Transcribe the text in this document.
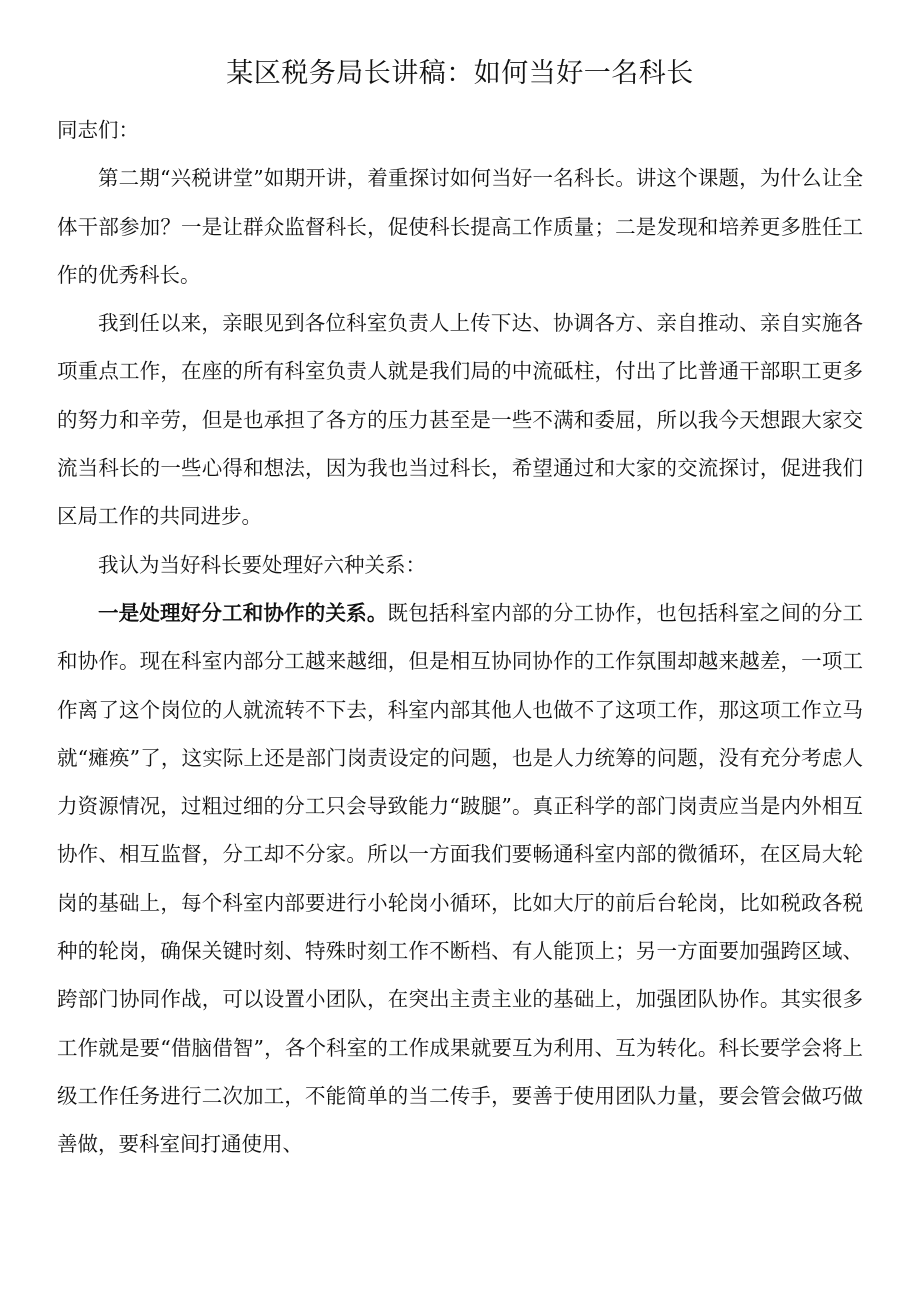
某区税务局长讲稿：如何当好一名科长

同志们：

第二期“兴税讲堂”如期开讲，着重探讨如何当好一名科长。讲这个课题，为什么让全体干部参加？一是让群众监督科长，促使科长提高工作质量；二是发现和培养更多胜任工作的优秀科长。

我到任以来，亲眼见到各位科室负责人上传下达、协调各方、亲自推动、亲自实施各项重点工作，在座的所有科室负责人就是我们局的中流砥柱，付出了比普通干部职工更多的努力和辛劳，但是也承担了各方的压力甚至是一些不满和委屈，所以我今天想跟大家交流当科长的一些心得和想法，因为我也当过科长，希望通过和大家的交流探讨，促进我们区局工作的共同进步。

我认为当好科长要处理好六种关系：

一是处理好分工和协作的关系。既包括科室内部的分工协作，也包括科室之间的分工和协作。现在科室内部分工越来越细，但是相互协同协作的工作氛围却越来越差，一项工作离了这个岗位的人就流转不下去，科室内部其他人也做不了这项工作，那这项工作立马就“瘫痪”了，这实际上还是部门岗责设定的问题，也是人力统筹的问题，没有充分考虑人力资源情况，过粗过细的分工只会导致能力“跛腿”。真正科学的部门岗责应当是内外相互协作、相互监督，分工却不分家。所以一方面我们要畅通科室内部的微循环，在区局大轮岗的基础上，每个科室内部要进行小轮岗小循环，比如大厅的前后台轮岗，比如税政各税种的轮岗，确保关键时刻、特殊时刻工作不断档、有人能顶上；另一方面要加强跨区域、跨部门协同作战，可以设置小团队，在突出主责主业的基础上，加强团队协作。其实很多工作就是要“借脑借智”，各个科室的工作成果就要互为利用、互为转化。科长要学会将上级工作任务进行二次加工，不能简单的当二传手，要善于使用团队力量，要会管会做巧做善做，要科室间打通使用、
